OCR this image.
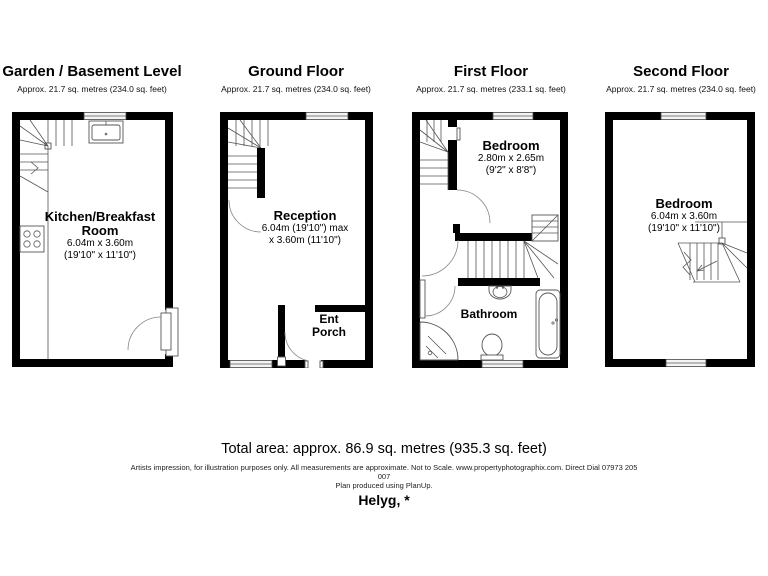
Garden / Basement Level
Approx. 21.7 sq. metres (234.0 sq. feet)
Ground Floor
Approx. 21.7 sq. metres (234.0 sq. feet)
First Floor
Approx. 21.7 sq. metres (233.1 sq. feet)
Second Floor
Approx. 21.7 sq. metres (234.0 sq. feet)
Kitchen/Breakfast Room
6.04m x 3.60m
(19'10" x 11'10")
Reception
6.04m (19'10") max
x 3.60m (11'10")
Ent Porch
Bedroom
2.80m x 2.65m
(9'2" x 8'8")
Bathroom
Bedroom
6.04m x 3.60m
(19'10" x 11'10")
Total area: approx. 86.9 sq. metres (935.3 sq. feet)
Artists impression, for illustration purposes only. All measurements are approximate. Not to Scale. www.propertyphotographix.com. Direct Dial 07973 205
007
Plan produced using PlanUp.
Helyg, *
